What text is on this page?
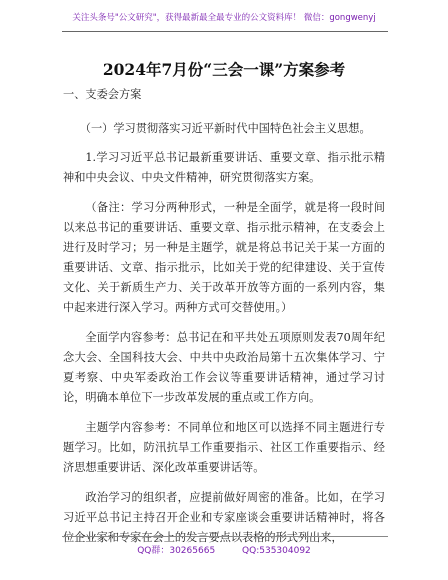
关注头条号"公文研究"，获得最新最全最专业的公文资料库！ 微信：gongwenyj
2024年7月份“三会一课”方案参考

一、支委会方案

（一）学习贯彻落实习近平新时代中国特色社会主义思想。

1.学习习近平总书记最新重要讲话、重要文章、指示批示精神和中央会议、中央文件精神，研究贯彻落实方案。

（备注：学习分两种形式，一种是全面学，就是将一段时间以来总书记的重要讲话、重要文章、指示批示精神，在支委会上进行及时学习；另一种是主题学，就是将总书记关于某一方面的重要讲话、文章、指示批示，比如关于党的纪律建设、关于宣传文化、关于新质生产力、关于改革开放等方面的一系列内容，集中起来进行深入学习。两种方式可交替使用。）

全面学内容参考：总书记在和平共处五项原则发表70周年纪念大会、全国科技大会、中共中央政治局第十五次集体学习、宁夏考察、中央军委政治工作会议等重要讲话精神，通过学习讨论，明确本单位下一步改革发展的重点或工作方向。

主题学内容参考：不同单位和地区可以选择不同主题进行专题学习。比如，防汛抗旱工作重要指示、社区工作重要指示、经济思想重要讲话、深化改革重要讲话等。

政治学习的组织者，应提前做好周密的准备。比如，在学习习近平总书记主持召开企业和专家座谈会重要讲话精神时，将各位企业家和专家在会上的发言要点以表格的形式列出来，

QQ群：30265665	QQ:535304092
